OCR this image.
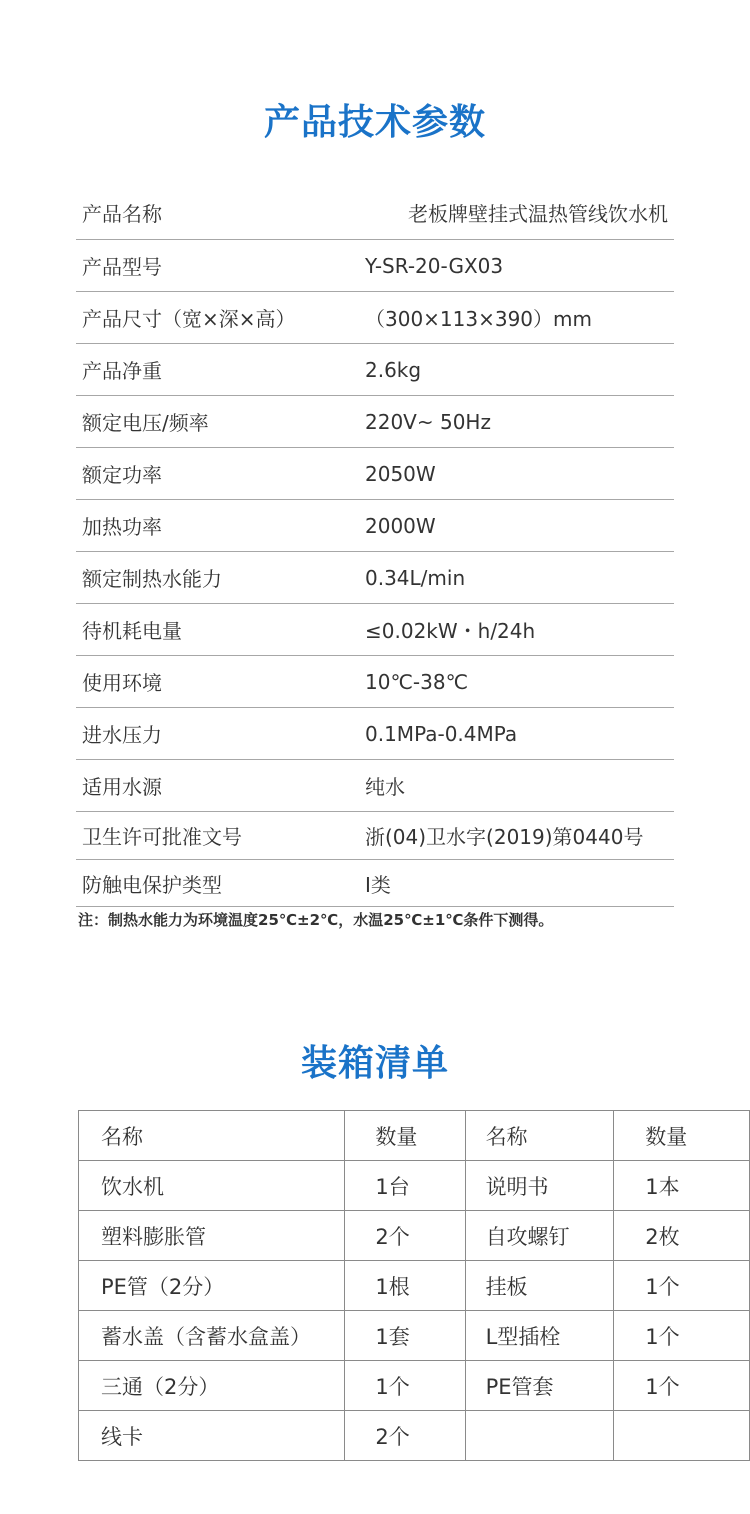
产品技术参数
产品名称	老板牌壁挂式温热管线饮水机
产品型号	Y-SR-20-GX03
产品尺寸（宽×深×高）	（300×113×390）mm
产品净重	2.6kg
额定电压/频率	220V~ 50Hz
额定功率	2050W
加热功率	2000W
额定制热水能力	0.34L/min
待机耗电量	≤0.02kW・h/24h
使用环境	10℃-38℃
进水压力	0.1MPa-0.4MPa
适用水源	纯水
卫生许可批准文号	浙(04)卫水字(2019)第0440号
防触电保护类型	Ⅰ类
注：制热水能力为环境温度25℃±2℃，水温25℃±1℃条件下测得。
装箱清单
名称	数量	名称	数量
饮水机	1台	说明书	1本
塑料膨胀管	2个	自攻螺钉	2枚
PE管（2分）	1根	挂板	1个
蓄水盖（含蓄水盒盖）	1套	L型插栓	1个
三通（2分）	1个	PE管套	1个
线卡	2个		
